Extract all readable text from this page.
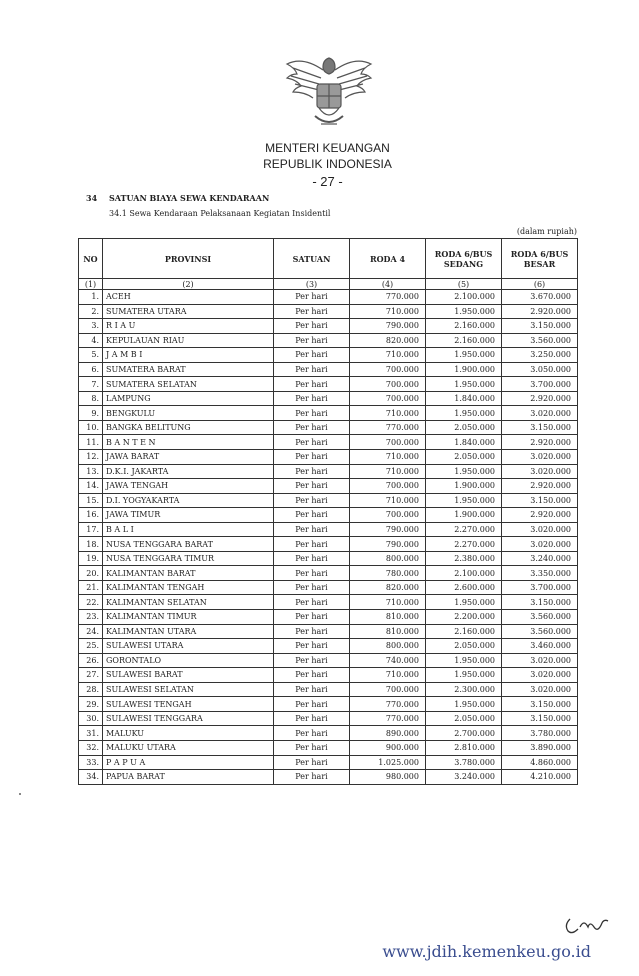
MENTERI KEUANGAN
REPUBLIK INDONESIA
- 27 -
34 SATUAN BIAYA SEWA KENDARAAN
34.1 Sewa Kendaraan Pelaksanaan Kegiatan Insidentil
(dalam rupiah)
NO	PROVINSI	SATUAN	RODA 4	RODA 6/BUS SEDANG	RODA 6/BUS BESAR
(1)	(2)	(3)	(4)	(5)	(6)
1.	ACEH	Per hari	770.000	2.100.000	3.670.000
2.	SUMATERA UTARA	Per hari	710.000	1.950.000	2.920.000
3.	R I A U	Per hari	790.000	2.160.000	3.150.000
4.	KEPULAUAN RIAU	Per hari	820.000	2.160.000	3.560.000
5.	J A M B I	Per hari	710.000	1.950.000	3.250.000
6.	SUMATERA BARAT	Per hari	700.000	1.900.000	3.050.000
7.	SUMATERA SELATAN	Per hari	700.000	1.950.000	3.700.000
8.	LAMPUNG	Per hari	700.000	1.840.000	2.920.000
9.	BENGKULU	Per hari	710.000	1.950.000	3.020.000
10.	BANGKA BELITUNG	Per hari	770.000	2.050.000	3.150.000
11.	B A N T E N	Per hari	700.000	1.840.000	2.920.000
12.	JAWA BARAT	Per hari	710.000	2.050.000	3.020.000
13.	D.K.I. JAKARTA	Per hari	710.000	1.950.000	3.020.000
14.	JAWA TENGAH	Per hari	700.000	1.900.000	2.920.000
15.	D.I. YOGYAKARTA	Per hari	710.000	1.950.000	3.150.000
16.	JAWA TIMUR	Per hari	700.000	1.900.000	2.920.000
17.	B A L I	Per hari	790.000	2.270.000	3.020.000
18.	NUSA TENGGARA BARAT	Per hari	790.000	2.270.000	3.020.000
19.	NUSA TENGGARA TIMUR	Per hari	800.000	2.380.000	3.240.000
20.	KALIMANTAN BARAT	Per hari	780.000	2.100.000	3.350.000
21.	KALIMANTAN TENGAH	Per hari	820.000	2.600.000	3.700.000
22.	KALIMANTAN SELATAN	Per hari	710.000	1.950.000	3.150.000
23.	KALIMANTAN TIMUR	Per hari	810.000	2.200.000	3.560.000
24.	KALIMANTAN UTARA	Per hari	810.000	2.160.000	3.560.000
25.	SULAWESI UTARA	Per hari	800.000	2.050.000	3.460.000
26.	GORONTALO	Per hari	740.000	1.950.000	3.020.000
27.	SULAWESI BARAT	Per hari	710.000	1.950.000	3.020.000
28.	SULAWESI SELATAN	Per hari	700.000	2.300.000	3.020.000
29.	SULAWESI TENGAH	Per hari	770.000	1.950.000	3.150.000
30.	SULAWESI TENGGARA	Per hari	770.000	2.050.000	3.150.000
31.	MALUKU	Per hari	890.000	2.700.000	3.780.000
32.	MALUKU UTARA	Per hari	900.000	2.810.000	3.890.000
33.	P A P U A	Per hari	1.025.000	3.780.000	4.860.000
34.	PAPUA BARAT	Per hari	980.000	3.240.000	4.210.000
www.jdih.kemenkeu.go.id
